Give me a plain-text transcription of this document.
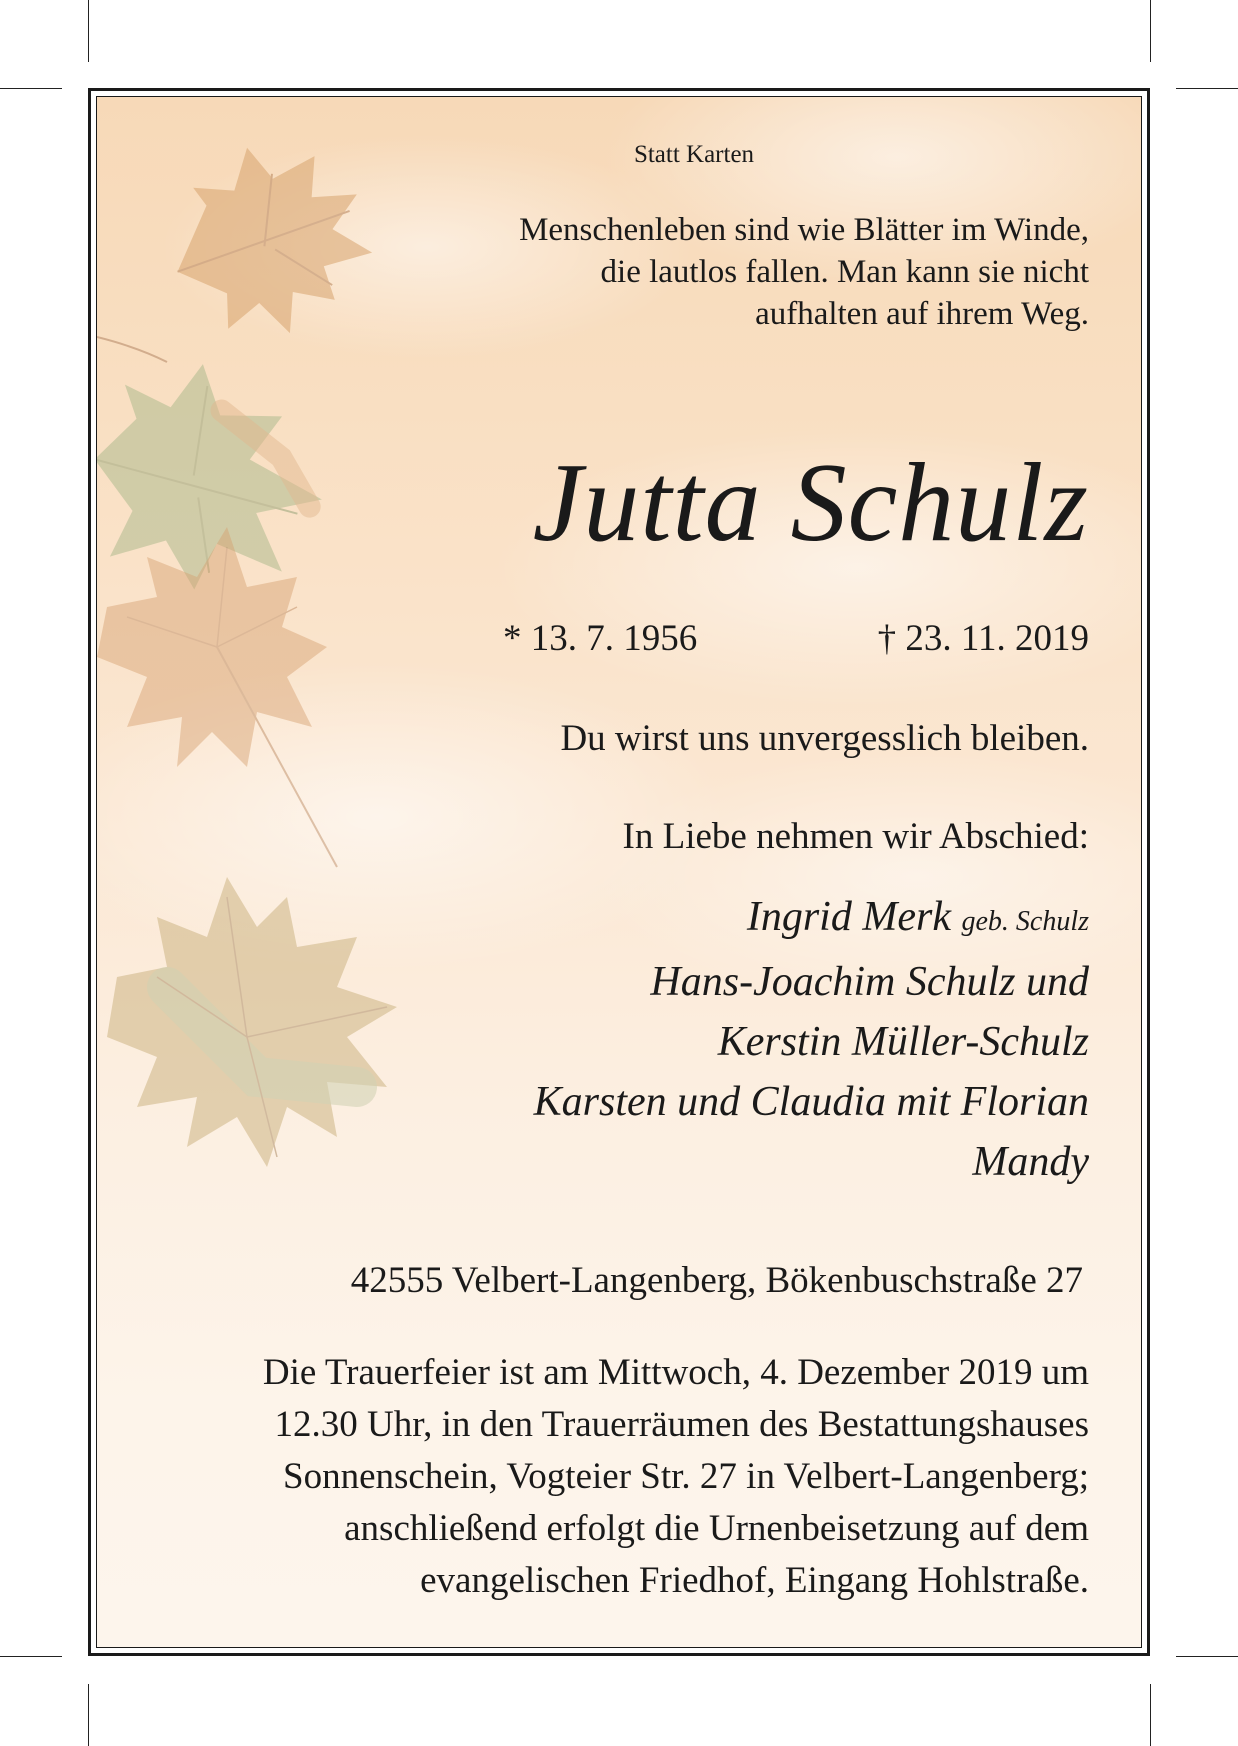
Statt Karten
Menschenleben sind wie Blätter im Winde,
die lautlos fallen. Man kann sie nicht
aufhalten auf ihrem Weg.
Jutta Schulz
* 13. 7. 1956	† 23. 11. 2019
Du wirst uns unvergesslich bleiben.
In Liebe nehmen wir Abschied:
Ingrid Merk geb. Schulz
Hans-Joachim Schulz und
Kerstin Müller-Schulz
Karsten und Claudia mit Florian
Mandy
42555 Velbert-Langenberg, Bökenbuschstraße 27
Die Trauerfeier ist am Mittwoch, 4. Dezember 2019 um
12.30 Uhr, in den Trauerräumen des Bestattungshauses
Sonnenschein, Vogteier Str. 27 in Velbert-Langenberg;
anschließend erfolgt die Urnenbeisetzung auf dem
evangelischen Friedhof, Eingang Hohlstraße.
